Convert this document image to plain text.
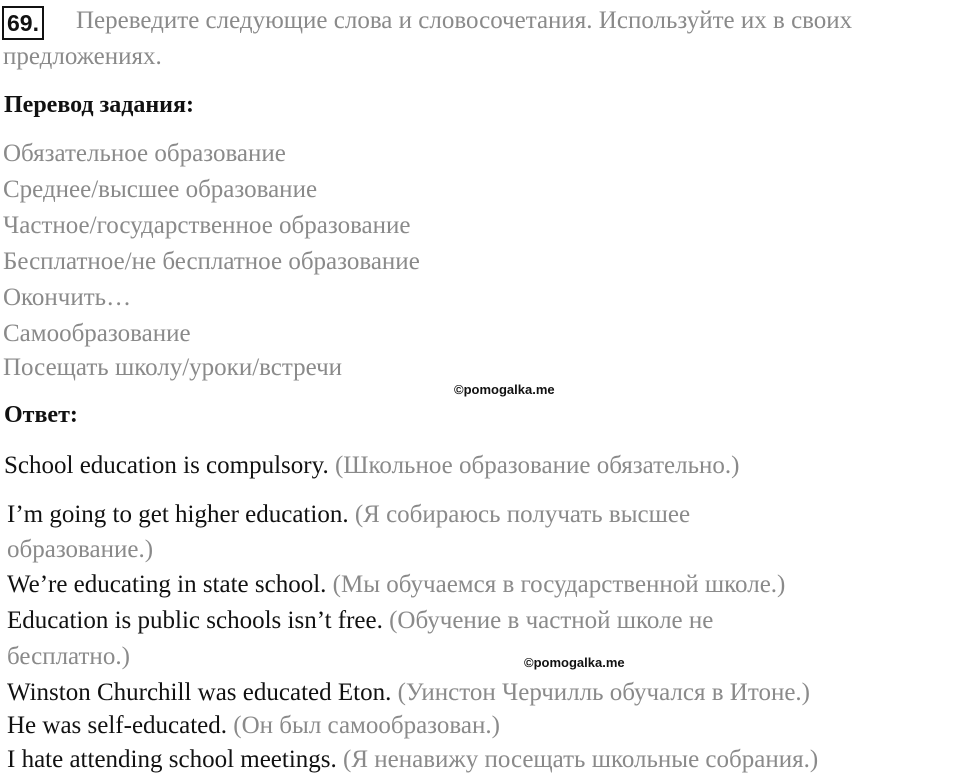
69. Переведите следующие слова и словосочетания. Используйте их в своих
предложениях.
Перевод задания:
Обязательное образование
Среднее/высшее образование
Частное/государственное образование
Бесплатное/не бесплатное образование
Окончить…
Самообразование
Посещать школу/уроки/встречи
©pomogalka.me
Ответ:
School education is compulsory. (Школьное образование обязательно.)
I’m going to get higher education. (Я собираюсь получать высшее
образование.)
We’re educating in state school. (Мы обучаемся в государственной школе.)
Education is public schools isn’t free. (Обучение в частной школе не
бесплатно.)	©pomogalka.me
Winston Churchill was educated Eton. (Уинстон Черчилль обучался в Итоне.)
He was self-educated. (Он был самообразован.)
I hate attending school meetings. (Я ненавижу посещать школьные собрания.)
